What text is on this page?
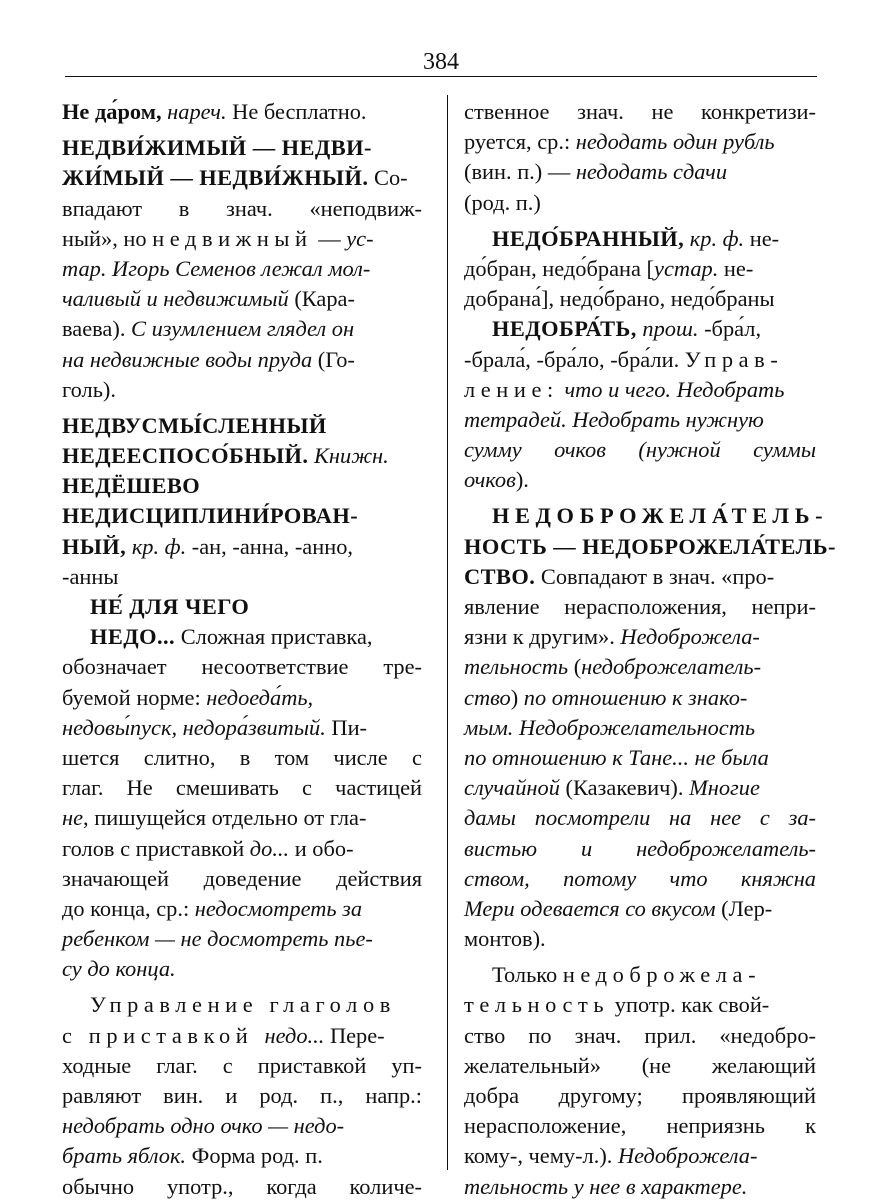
384
Не да́ром, нареч. Не бесплатно.
НЕДВИ́ЖИМЫЙ — НЕДВИ-
ЖИ́МЫЙ — НЕДВИ́ЖНЫЙ. Со-
впадают в знач. «неподвиж-
ный», но недвижный — ус-
тар. Игорь Семенов лежал мол-
чаливый и недвижимый (Кара-
ваева). С изумлением глядел он
на недвижные воды пруда (Го-
голь).
НЕДВУСМЫ́СЛЕННЫЙ
НЕДЕЕСПОСО́БНЫЙ. Книжн.
НЕДЁШЕВО
НЕДИСЦИПЛИНИ́РОВАН-
НЫЙ, кр. ф. -ан, -анна, -анно,
-анны
НЕ́ ДЛЯ ЧЕГО
НЕДО... Сложная приставка,
обозначает несоответствие тре-
буемой норме: недоеда́ть,
недовы́пуск, недора́звитый. Пи-
шется слитно, в том числе с
глаг. Не смешивать с частицей
не, пишущейся отдельно от гла-
голов с приставкой до... и обо-
значающей доведение действия
до конца, ср.: недосмотреть за
ребенком — не досмотреть пье-
су до конца.
Управление глаголов
с приставкой недо... Пере-
ходные глаг. с приставкой уп-
равляют вин. и род. п., напр.:
недобрать одно очко — недо-
брать яблок. Форма род. п.
обычно употр., когда количе-
ственное знач. не конкретизи-
руется, ср.: недодать один рубль
(вин. п.) — недодать сдачи
(род. п.)
НЕДО́БРАННЫЙ, кр. ф. не-
до́бран, недо́брана [устар. не-
добрана́], недо́брано, недо́браны
НЕДОБРА́ТЬ, прош. -бра́л,
-брала́, -бра́ло, -бра́ли. Управ-
ление: что и чего. Недобрать
тетрадей. Недобрать нужную
сумму очков (нужной суммы
очков).
НЕДОБРОЖЕЛА́ТЕЛЬ-
НОСТЬ — НЕДОБРОЖЕЛА́ТЕЛЬ-
СТВО. Совпадают в знач. «про-
явление нерасположения, непри-
язни к другим». Недоброжела-
тельность (недоброжелатель-
ство) по отношению к знако-
мым. Недоброжелательность
по отношению к Тане... не была
случайной (Казакевич). Многие
дамы посмотрели на нее с за-
вистью и недоброжелатель-
ством, потому что княжна
Мери одевается со вкусом (Лер-
монтов).
Только недоброжела-
тельность употр. как свой-
ство по знач. прил. «недобро-
желательный» (не желающий
добра другому; проявляющий
нерасположение, неприязнь к
кому-, чему-л.). Недоброжела-
тельность у нее в характере.
